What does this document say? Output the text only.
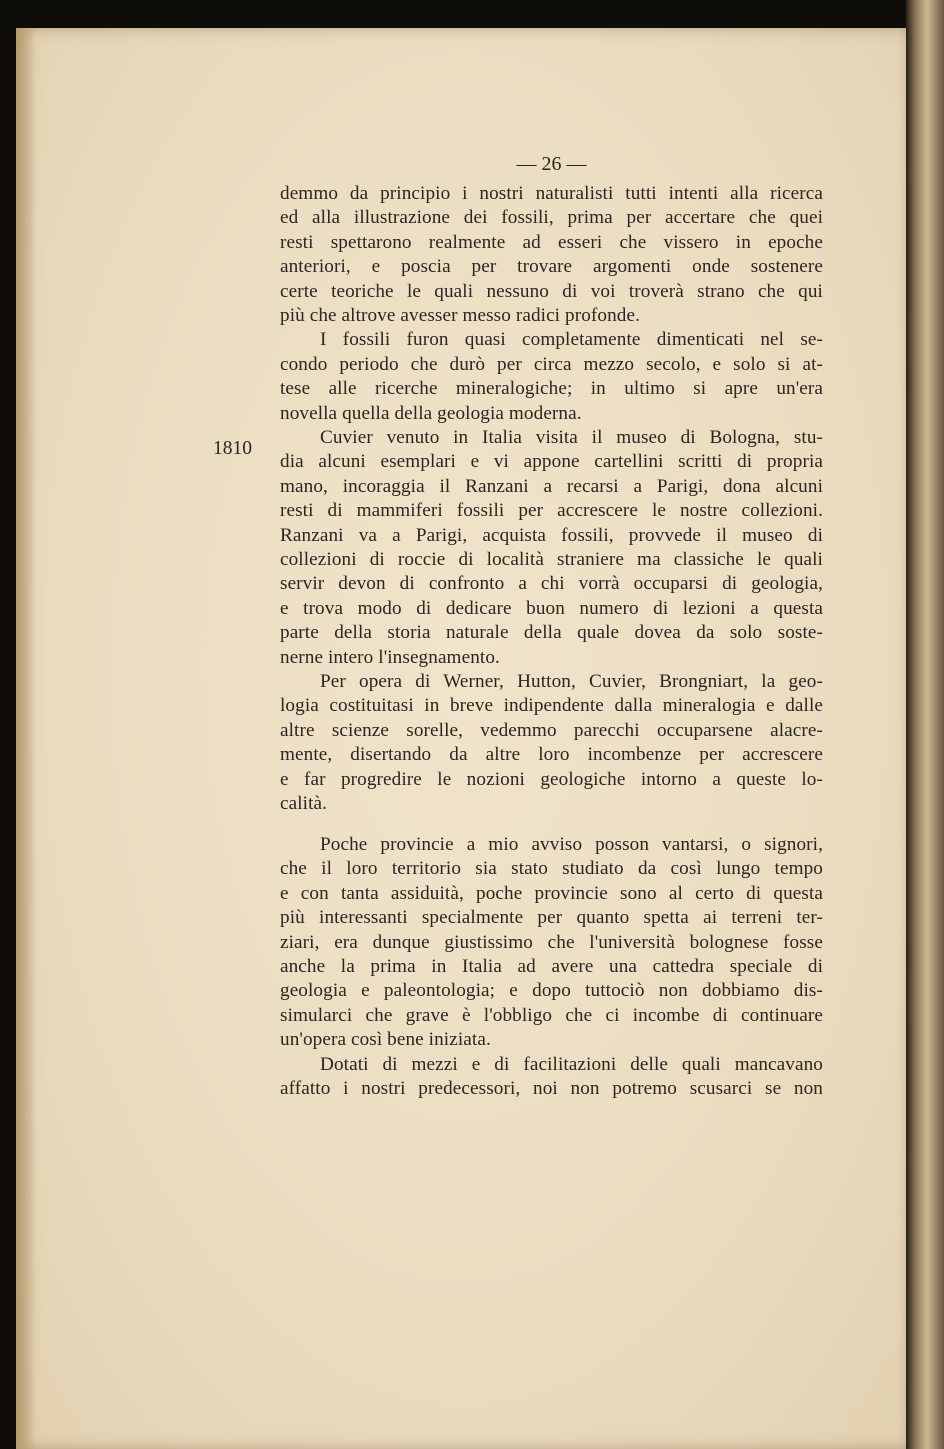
— 26 —
1810
demmo da principio i nostri naturalisti tutti intenti alla ricerca
ed alla illustrazione dei fossili, prima per accertare che quei
resti spettarono realmente ad esseri che vissero in epoche
anteriori, e poscia per trovare argomenti onde sostenere
certe teoriche le quali nessuno di voi troverà strano che qui
più che altrove avesser messo radici profonde.
I fossili furon quasi completamente dimenticati nel se-
condo periodo che durò per circa mezzo secolo, e solo si at-
tese alle ricerche mineralogiche; in ultimo si apre un'era
novella quella della geologia moderna.
Cuvier venuto in Italia visita il museo di Bologna, stu-
dia alcuni esemplari e vi appone cartellini scritti di propria
mano, incoraggia il Ranzani a recarsi a Parigi, dona alcuni
resti di mammiferi fossili per accrescere le nostre collezioni.
Ranzani va a Parigi, acquista fossili, provvede il museo di
collezioni di roccie di località straniere ma classiche le quali
servir devon di confronto a chi vorrà occuparsi di geologia,
e trova modo di dedicare buon numero di lezioni a questa
parte della storia naturale della quale dovea da solo soste-
nerne intero l'insegnamento.
Per opera di Werner, Hutton, Cuvier, Brongniart, la geo-
logia costituitasi in breve indipendente dalla mineralogia e dalle
altre scienze sorelle, vedemmo parecchi occuparsene alacre-
mente, disertando da altre loro incombenze per accrescere
e far progredire le nozioni geologiche intorno a queste lo-
calità.
Poche provincie a mio avviso posson vantarsi, o signori,
che il loro territorio sia stato studiato da così lungo tempo
e con tanta assiduità, poche provincie sono al certo di questa
più interessanti specialmente per quanto spetta ai terreni ter-
ziari, era dunque giustissimo che l'università bolognese fosse
anche la prima in Italia ad avere una cattedra speciale di
geologia e paleontologia; e dopo tuttociò non dobbiamo dis-
simularci che grave è l'obbligo che ci incombe di continuare
un'opera così bene iniziata.
Dotati di mezzi e di facilitazioni delle quali mancavano
affatto i nostri predecessori, noi non potremo scusarci se non
